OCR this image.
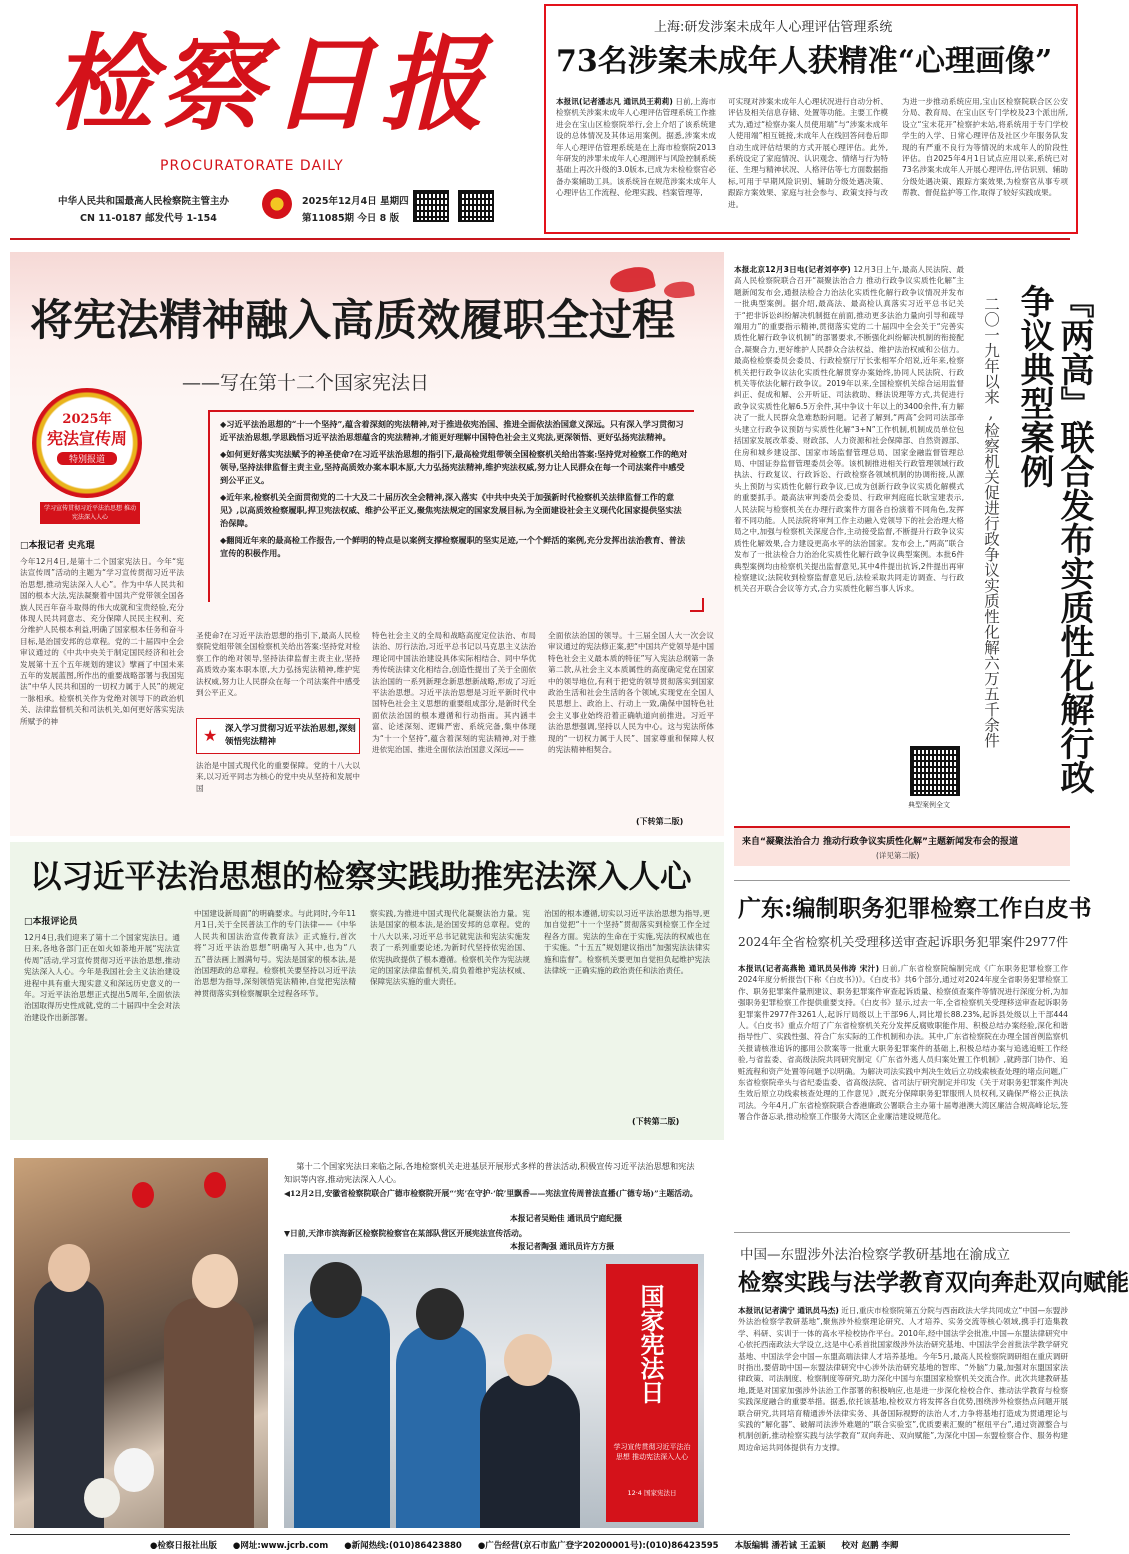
检察日报
PROCURATORATE DAILY
中华人民共和国最高人民检察院主管主办
CN 11-0187 邮发代号 1-154
2025年12月4日 星期四
第11085期 今日 8 版
上海:研发涉案未成年人心理评估管理系统
73名涉案未成年人获精准“心理画像”
本报讯(记者潘志凡 通讯员王莉莉) 日前,上海市检察机关涉案未成年人心理评估管理系统工作推进会在宝山区检察院举行,会上介绍了该系统建设的总体情况及其体运用案例。据悉,涉案未成年人心理评估管理系统是在上海市检察院2013年研发的涉罪未成年人心理测评与风险控制系统基础上再次升级的3.0版本,已成为未检检察官必备办案辅助工具。该系统旨在规范涉案未成年人心理评估工作流程、伦理实践、档案管理等,
可实现对涉案未成年人心理状况进行自动分析、评估及相关信息存储、处置等功能。主要工作模式为,通过“检察办案人员使用端”与“涉案未成年人使用端”相互链接,未成年人在线回答问卷后即自动生成评估结果的方式开展心理评估。此外,系统设定了家庭情况、认识观念、情绪与行为特征、生理与精神状况、人格评估等七方面数据指标,可用于早期风险识别、辅助分级处遇决策、跟踪方案效果、家庭与社会参与、政策支持与改进。
为进一步推动系统应用,宝山区检察院联合区公安分局、教育局、在宝山区专门学校及23个派出所,设立“宝未花开”检察护未站,将系统用于专门学校学生的入学、日常心理评估及社区少年服务队发现的有严重不良行为等情况的未成年人的阶段性评估。自2025年4月1日试点应用以来,系统已对73名涉案未成年人开展心理评估,评估识别、辅助分级处遇决策、跟踪方案效果,为检察官从事专项帮教、督促监护等工作,取得了较好实践成果。
将宪法精神融入高质效履职全过程
——写在第十二个国家宪法日
2025年
宪法宣传周
特别报道
学习宣传贯彻习近平法治思想 推动宪法深入人心
□本报记者 史兆琨

◆习近平法治思想的“十一个坚持”,蕴含着深刻的宪法精神,对于推进依宪治国、推进全面依法治国意义深远。只有深入学习贯彻习近平法治思想,学思践悟习近平法治思想蕴含的宪法精神,才能更好理解中国特色社会主义宪法,更深领悟、更好弘扬宪法精神。

◆如何更好落实宪法赋予的神圣使命?在习近平法治思想的指引下,最高检党组带领全国检察机关给出答案:坚持党对检察工作的绝对领导,坚持法律监督主责主业,坚持高质效办案本职本原,大力弘扬宪法精神,维护宪法权威,努力让人民群众在每一个司法案件中感受到公平正义。

◆近年来,检察机关全面贯彻党的二十大及二十届历次全会精神,深入落实《中共中央关于加强新时代检察机关法律监督工作的意见》,以高质效检察履职,捍卫宪法权威、维护公平正义,聚焦宪法规定的国家发展目标,为全面建设社会主义现代化国家提供坚实法治保障。

◆翻阅近年来的最高检工作报告,一个鲜明的特点是以案例支撑检察履职的坚实足迹,一个个鲜活的案例,充分发挥出法治教育、普法宣传的积极作用。

今年12月4日,是第十二个国家宪法日。今年“宪法宣传周”活动的主题为“学习宣传贯彻习近平法治思想,推动宪法深入人心”。作为中华人民共和国的根本大法,宪法凝聚着中国共产党带领全国各族人民百年奋斗取得的伟大成就和宝贵经验,充分体现人民共同意志、充分保障人民民主权利、充分维护人民根本利益,明确了国家根本任务和奋斗目标,是治国安邦的总章程。党的二十届四中全会审议通过的《中共中央关于制定国民经济和社会发展第十五个五年规划的建议》擘画了中国未来五年的发展蓝图,所作出的重要战略部署与我国宪法“中华人民共和国的一切权力属于人民”的规定一脉相承。检察机关作为党绝对领导下的政治机关、法律监督机关和司法机关,如何更好落实宪法所赋予的神
圣使命?在习近平法治思想的指引下,最高人民检察院党组带领全国检察机关给出答案:坚持党对检察工作的绝对领导,坚持法律监督主责主业,坚持高质效办案本职本原,大力弘扬宪法精神,维护宪法权威,努力让人民群众在每一个司法案件中感受到公平正义。
★ 深入学习贯彻习近平法治思想,深刻领悟宪法精神
法治是中国式现代化的重要保障。党的十八大以来,以习近平同志为核心的党中央从坚持和发展中国
特色社会主义的全局和战略高度定位法治、布局法治、厉行法治,习近平总书记以马克思主义法治理论同中国法治建设具体实际相结合、同中华优秀传统法律文化相结合,创造性提出了关于全面依法治国的一系列新理念新思想新战略,形成了习近平法治思想。习近平法治思想是习近平新时代中国特色社会主义思想的重要组成部分,是新时代全面依法治国的根本遵循和行动指南。其内涵丰富、论述深刻、逻辑严密、系统完备,集中体现为“十一个坚持”,蕴含着深刻的宪法精神,对于推进依宪治国、推进全面依法治国意义深远——
全面依法治国的领导。十三届全国人大一次会议审议通过的宪法修正案,把“中国共产党领导是中国特色社会主义最本质的特征”写入宪法总纲第一条第二款,从社会主义本质属性的高度确定党在国家中的领导地位,有利于把党的领导贯彻落实到国家政治生活和社会生活的各个领域,实现党在全国人民思想上、政治上、行动上一致,确保中国特色社会主义事业始终沿着正确轨道向前推进。习近平法治思想强调,坚持以人民为中心。这与宪法所体现的“一切权力属于人民”、国家尊重和保障人权的宪法精神相契合。
(下转第二版)
本报北京12月3日电(记者刘亭亭) 12月3日上午,最高人民法院、最高人民检察院联合召开“凝聚法治合力 推动行政争议实质性化解”主题新闻发布会,通报法检合力治法化实质性化解行政争议情况并发布一批典型案例。据介绍,最高法、最高检认真落实习近平总书记关于“把非诉讼纠纷解决机制挺在前面,推动更多法治力量向引导和疏导端用力”的重要指示精神,贯彻落实党的二十届四中全会关于“完善实质性化解行政争议机制”的部署要求,不断强化纠纷解决机制的衔接配合,凝聚合力,更好维护人民群众合法权益、维护法治权威和公信力。最高检检察委员会委员、行政检察厅厅长张相军介绍说,近年来,检察机关把行政争议法化实质性化解贯穿办案始终,协同人民法院、行政机关等依法化解行政争议。2019年以来,全国检察机关综合运用监督纠正、促成和解、公开听证、司法救助、释法说理等方式,共促进行政争议实质性化解6.5万余件,其中争议十年以上的3400余件,有力解决了一批人民群众急难愁盼问题。记者了解到,“两高”会同司法部牵头建立行政争议预防与实质性化解“3+N”工作机制,机制成员单位包括国家发展改革委、财政部、人力资源和社会保障部、自然资源部、住房和城乡建设部、国家市场监督管理总局、国家金融监督管理总局、中国证券监督管理委员会等。该机制推进相关行政管理领域行政执法、行政复议、行政诉讼、行政检察各领域机制的协调衔接,从源头上预防与实质性化解行政争议,已成为创新行政争议实质化解模式的重要抓手。最高法审判委员会委员、行政审判庭庭长耿宝建表示,人民法院与检察机关在办理行政案件方面各自扮演着不同角色,发挥着不同功能。人民法院将审判工作主动融入党领导下的社会治理大格局之中,加强与检察机关深度合作,主动接受监督,不断提升行政争议实质性化解效果,合力建设更高水平的法治国家。发布会上,“两高”联合发布了一批法检合力治治化实质性化解行政争议典型案例。本批6件典型案例均由检察机关提出监督意见,其中4件提出抗诉,2件提出再审检察建议;法院收到检察监督意见后,法检采取共同走访调查、与行政机关召开联合会议等方式,合力实质性化解当事人诉求。
典型案例全文
『两高』联合发布实质性化解行政争议典型案例
二〇一九年以来,检察机关促进行政争议实质性化解六万五千余件
来自“凝聚法治合力 推动行政争议实质性化解”主题新闻发布会的报道
(详见第二版)
以习近平法治思想的检察实践助推宪法深入人心
□本报评论员
12月4日,我们迎来了第十二个国家宪法日。通日来,各地各部门正在如火如荼地开展“宪法宣传周”活动,学习宣传贯彻习近平法治思想,推动宪法深入人心。今年是我国社会主义法治建设进程中具有重大现实意义和深远历史意义的一年。习近平法治思想正式提出5周年,全面依法治国取得历史性成就,党的二十届四中全会对法治建设作出新部署。
中国建设新局面”的明确要求。与此同时,今年11月1日,关于全民普法工作的专门法律——《中华人民共和国法治宣传教育法》正式施行,首次将“习近平法治思想”明确写入其中,也为“八五”普法画上圆满句号。宪法是国家的根本法,是治国理政的总章程。检察机关要坚持以习近平法治思想为指导,深刻领悟宪法精神,自觉把宪法精神贯彻落实到检察履职全过程各环节。
察实践,为推进中国式现代化凝聚法治力量。宪法是国家的根本法,是治国安邦的总章程。党的十八大以来,习近平总书记就宪法和宪法实施发表了一系列重要论述,为新时代坚持依宪治国、依宪执政提供了根本遵循。检察机关作为宪法规定的国家法律监督机关,肩负着维护宪法权威、保障宪法实施的重大责任。
治国的根本遵循,切实以习近平法治思想为指导,更加自觉把“十一个坚持”贯彻落实到检察工作全过程各方面。宪法的生命在于实施,宪法的权威也在于实施。“十五五”规划建议指出“加强宪法法律实施和监督”。检察机关要更加自觉担负起维护宪法法律统一正确实施的政治责任和法治责任。
(下转第二版)
第十二个国家宪法日来临之际,各地检察机关走进基层开展形式多样的普法活动,积极宣传习近平法治思想和宪法知识等内容,推动宪法深入人心。
◀12月2日,安徽省检察院联合广德市检察院开展“‘宪’在守护·‘皖’里飘香——宪法宣传周普法直播(广德专场)”主题活动。
本报记者吴贻佳 通讯员宁庭纪摄
▼日前,天津市滨海新区检察院检察官在某部队营区开展宪法宣传活动。
本报记者陶强 通讯员许方方摄
国家宪法日
学习宣传贯彻习近平法治思想 推动宪法深入人心
12·4 国家宪法日
广东:编制职务犯罪检察工作白皮书
2024年全省检察机关受理移送审查起诉职务犯罪案件2977件
本报讯(记者高燕艳 通讯员吴伟涛 宋汁) 日前,广东省检察院编制完成《广东职务犯罪检察工作2024年度分析报告(下称《白皮书》)》。《白皮书》共6个部分,通过对2024年度全省职务犯罪检察工作、职务犯罪案件量刑建议、职务犯罪案件审查起诉质量、检察侦查案件等情况进行深度分析,为加强职务犯罪检察工作提供重要支持。《白皮书》显示,过去一年,全省检察机关受理移送审查起诉职务犯罪案件2977件3261人,起诉厅局级以上干部96人,同比增长88.23%,起诉县处级以上干部444人。《白皮书》重点介绍了广东省检察机关充分发挥反腐败职能作用、积极总结办案经验,深化和谐指导性广、实践性强、符合广东实际的工作机制和办法。其中,广东省检察院在办理全国首例监察机关报请核准追诉的挪用公款案等一批重大职务犯罪案件的基础上,积极总结办案与追逃追赃工作经验,与省监委、省高级法院共同研究制定《广东省外逃人员归案处置工作机制》,就跨部门协作、追赃流程和资产处置等问题予以明确。为解决司法实践中判决生效后立功线索核查处理的堵点问题,广东省检察院牵头与省纪委监委、省高级法院、省司法厅研究制定并印发《关于对职务犯罪案件判决生效后原立功线索核查处理的工作意见》,既充分保障职务犯罪服刑人员权利,又确保严格公正执法司法。今年4月,广东省检察院联合香港廉政公署联合主办第十届粤港澳大湾区廉洁合规高峰论坛,签署合作备忘录,推动检察工作服务大湾区企业廉洁建设规范化。
中国—东盟涉外法治检察学教研基地在渝成立
检察实践与法学教育双向奔赴双向赋能
本报讯(记者满宁 通讯员马杰) 近日,重庆市检察院第五分院与西南政法大学共同成立“中国—东盟涉外法治检察学教研基地”,聚焦涉外检察理论研究、人才培养、实务交流等核心领域,携手打造集教学、科研、实训于一体的高水平检校协作平台。2010年,经中国法学会批准,中国—东盟法律研究中心依托西南政法大学设立,这是中心系首批国家级涉外法治研究基地、中国法学会首批法学教学研究基地、中国法学会中国—东盟高端法律人才培养基地。今年5月,最高人民检察院调研组在重庆调研时指出,要借助中国—东盟法律研究中心涉外法治研究基地的智库、“外脑”力量,加强对东盟国家法律政策、司法制度、检察制度等研究,助力深化中国与东盟国家检察机关交流合作。此次共建教研基地,既是对国家加强涉外法治工作部署的积极响应,也是进一步深化检校合作、推动法学教育与检察实践深度融合的重要举措。据悉,依托该基地,检校双方将发挥各自优势,围绕涉外检察热点问题开展联合研究,共同培育精通涉外法律实务、具备国际视野的法治人才,力争将基地打造成为贯通理论与实践的“解化器”、破解司法涉外难题的“联合实验室”,优质要素汇聚的“枢纽平台”,通过资源整合与机制创新,推动检察实践与法学教育“双向奔赴、双向赋能”,为深化中国—东盟检察合作、服务构建周边命运共同体提供有力支撑。
●检察日报社出版 ●网址:www.jcrb.com ●新闻热线:(010)86423880 ●广告经营(京石市监广登字20200001号):(010)86423595 本版编辑 潘若诚 王孟颖 校对 赵鹏 李卿
